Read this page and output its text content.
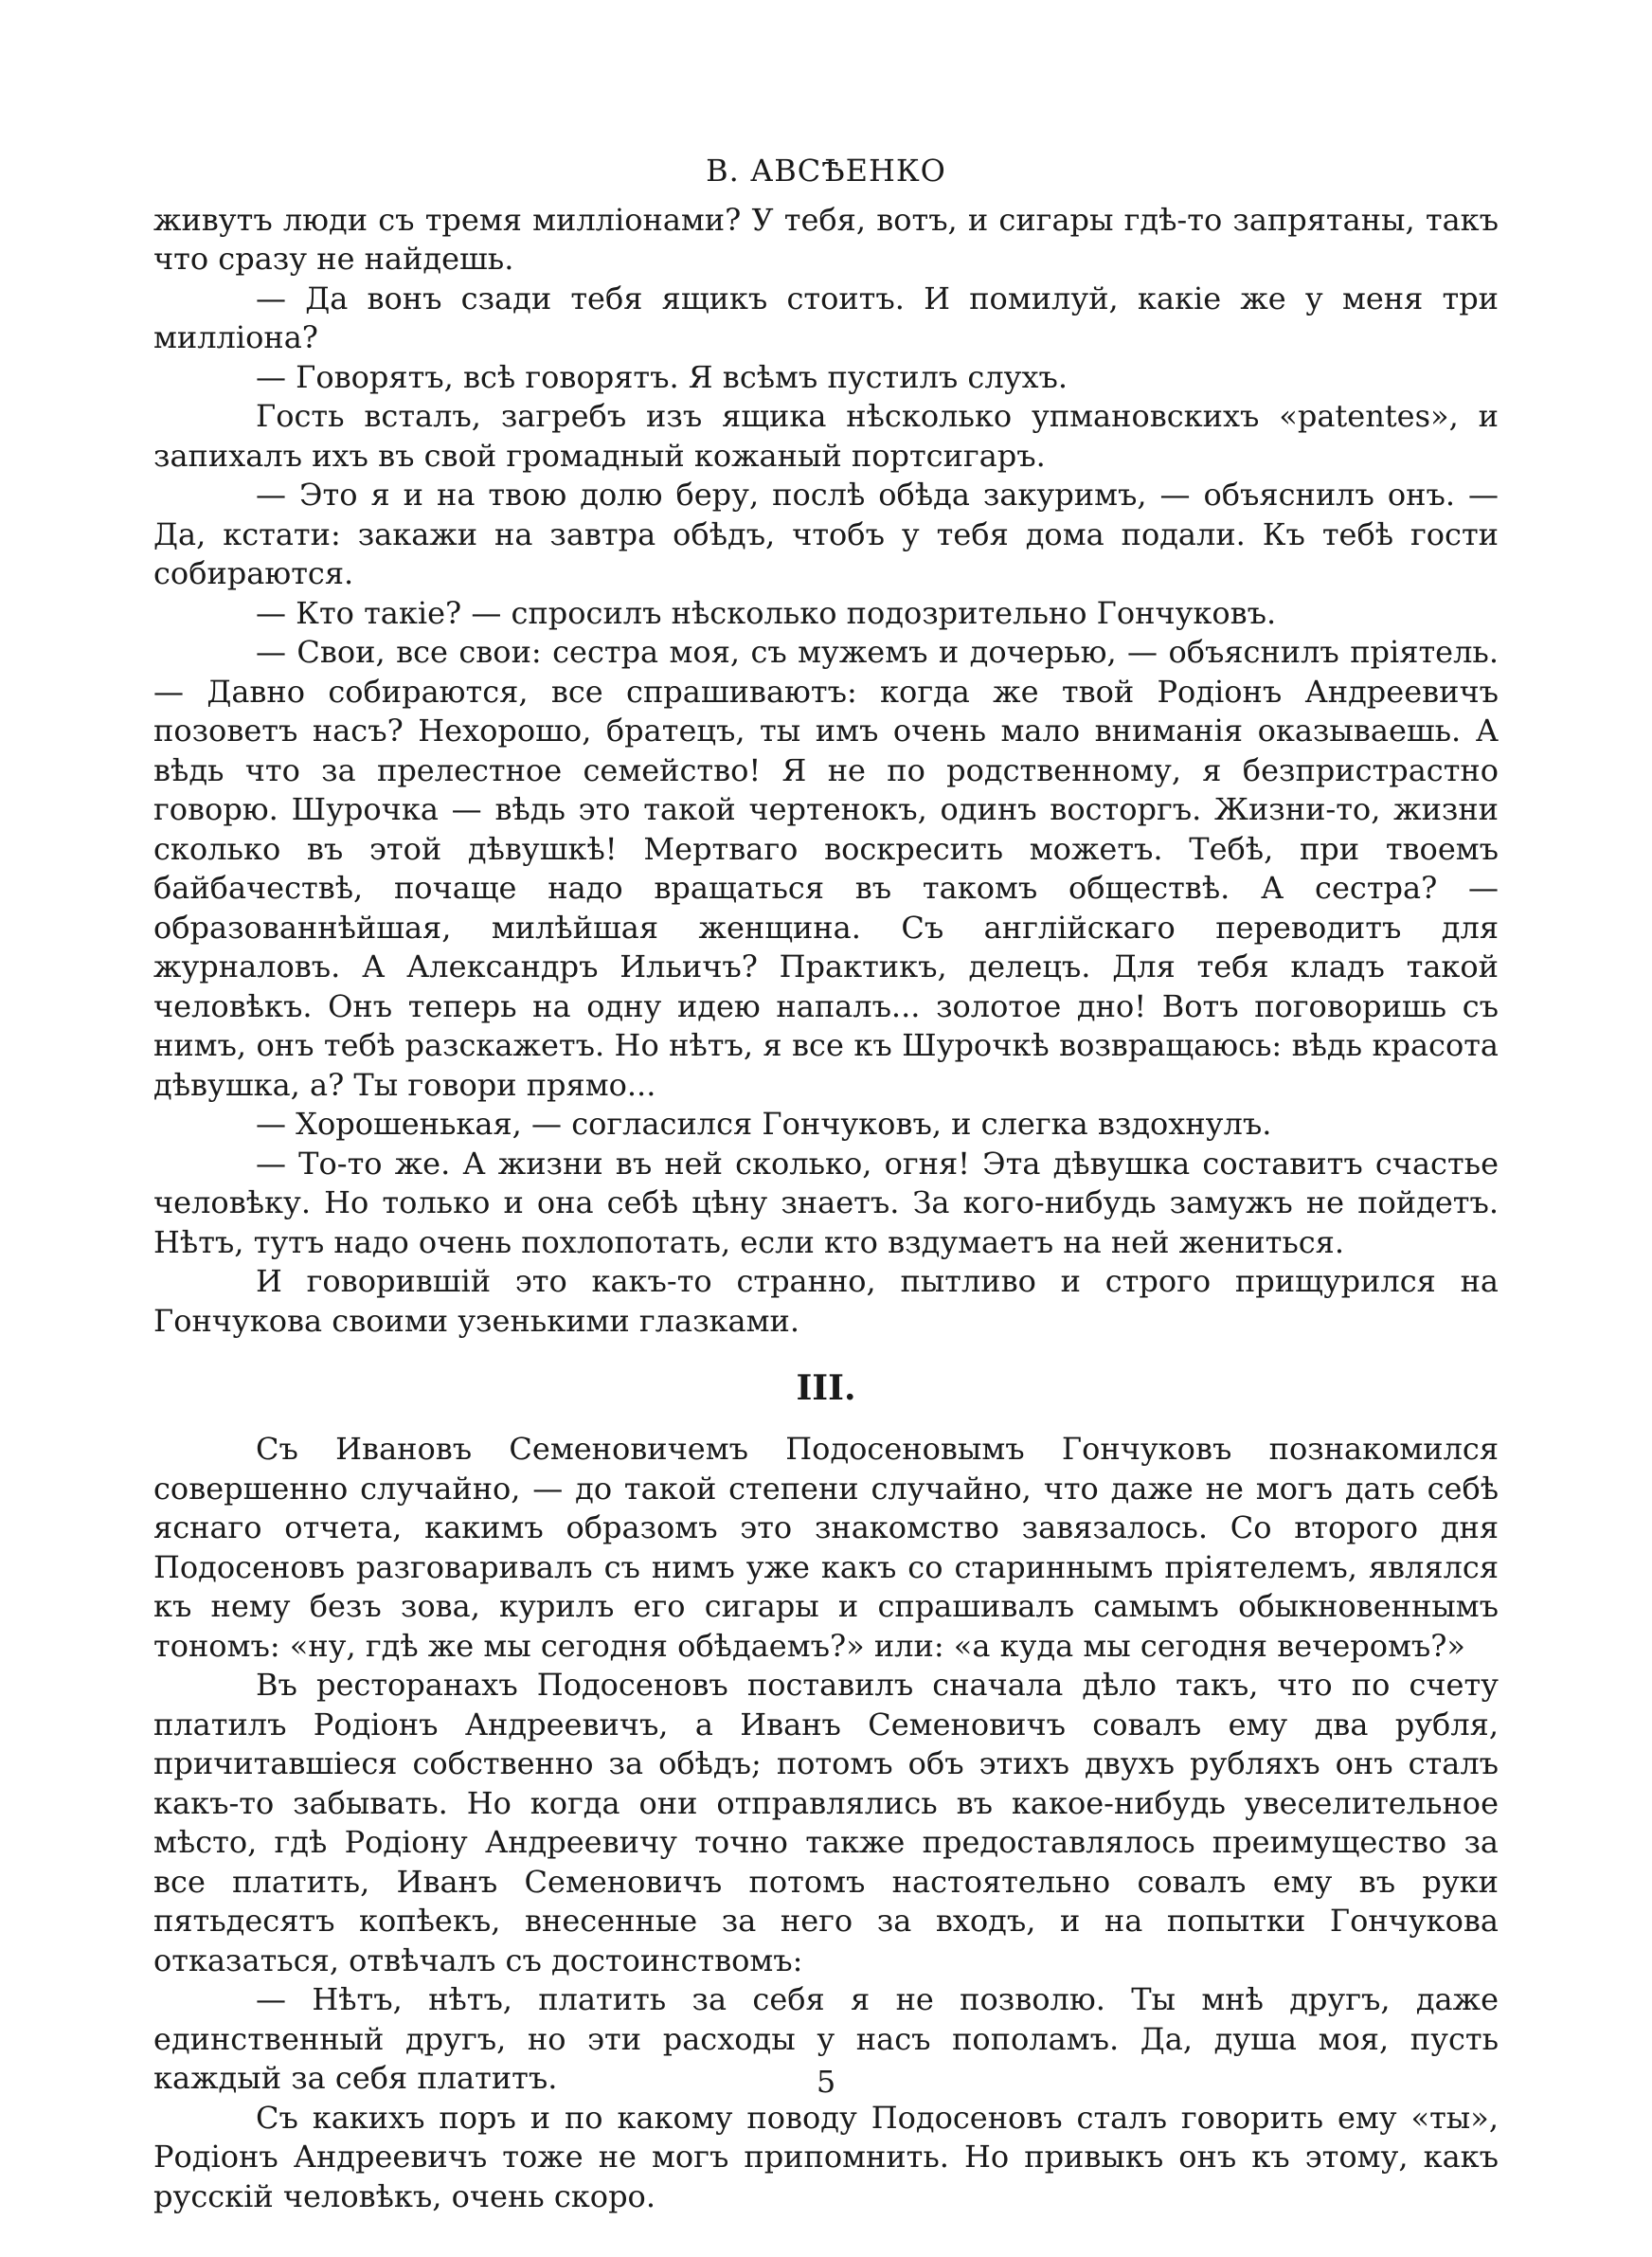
В. АВСѢЕНКО

живутъ люди съ тремя милліонами? У тебя, вотъ, и сигары гдѣ-то запрятаны, такъ что сразу не найдешь.

— Да вонъ сзади тебя ящикъ стоитъ. И помилуй, какіе же у меня три милліона?

— Говорятъ, всѣ говорятъ. Я всѣмъ пустилъ слухъ.

Гость всталъ, загребъ изъ ящика нѣсколько упмановскихъ «patentes», и запихалъ ихъ въ свой громадный кожаный портсигаръ.

— Это я и на твою долю беру, послѣ обѣда закуримъ, — объяснилъ онъ. — Да, кстати: закажи на завтра обѣдъ, чтобъ у тебя дома подали. Къ тебѣ гости собираются.

— Кто такіе? — спросилъ нѣсколько подозрительно Гончуковъ.

— Свои, все свои: сестра моя, съ мужемъ и дочерью, — объяснилъ пріятель. — Давно собираются, все спрашиваютъ: когда же твой Родіонъ Андреевичъ позоветъ насъ? Нехорошо, братецъ, ты имъ очень мало вниманія оказываешь. А вѣдь что за прелестное семейство! Я не по родственному, я безпристрастно говорю. Шурочка — вѣдь это такой чертенокъ, одинъ восторгъ. Жизни-то, жизни сколько въ этой дѣвушкѣ! Мертваго воскресить можетъ. Тебѣ, при твоемъ байбачествѣ, почаще надо вращаться въ такомъ обществѣ. А сестра? — образованнѣйшая, милѣйшая женщина. Съ англійскаго переводитъ для журналовъ. А Александръ Ильичъ? Практикъ, делецъ. Для тебя кладъ такой человѣкъ. Онъ теперь на одну идею напалъ... золотое дно! Вотъ поговоришь съ нимъ, онъ тебѣ разскажетъ. Но нѣтъ, я все къ Шурочкѣ возвращаюсь: вѣдь красота дѣвушка, а? Ты говори прямо...

— Хорошенькая, — согласился Гончуковъ, и слегка вздохнулъ.

— То-то же. А жизни въ ней сколько, огня! Эта дѣвушка составитъ счастье человѣку. Но только и она себѣ цѣну знаетъ. За кого-нибудь замужъ не пойдетъ. Нѣтъ, тутъ надо очень похлопотать, если кто вздумаетъ на ней жениться.

И говорившій это какъ-то странно, пытливо и строго прищурился на Гончукова своими узенькими глазками.

III.

Съ Ивановъ Семеновичемъ Подосеновымъ Гончуковъ познакомился совершенно случайно, — до такой степени случайно, что даже не могъ дать себѣ яснаго отчета, какимъ образомъ это знакомство завязалось. Со второго дня Подосеновъ разговаривалъ съ нимъ уже какъ со стариннымъ пріятелемъ, являлся къ нему безъ зова, курилъ его сигары и спрашивалъ самымъ обыкновеннымъ тономъ: «ну, гдѣ же мы сегодня обѣдаемъ?» или: «а куда мы сегодня вечеромъ?»

Въ ресторанахъ Подосеновъ поставилъ сначала дѣло такъ, что по счету платилъ Родіонъ Андреевичъ, а Иванъ Семеновичъ совалъ ему два рубля, причитавшіеся собственно за обѣдъ; потомъ объ этихъ двухъ рубляхъ онъ сталъ какъ-то забывать. Но когда они отправлялись въ какое-нибудь увеселительное мѣсто, гдѣ Родіону Андреевичу точно также предоставлялось преимущество за все платить, Иванъ Семеновичъ потомъ настоятельно совалъ ему въ руки пятьдесятъ копѣекъ, внесенные за него за входъ, и на попытки Гончукова отказаться, отвѣчалъ съ достоинствомъ:

— Нѣтъ, нѣтъ, платить за себя я не позволю. Ты мнѣ другъ, даже единственный другъ, но эти расходы у насъ пополамъ. Да, душа моя, пусть каждый за себя платитъ.

Съ какихъ поръ и по какому поводу Подосеновъ сталъ говорить ему «ты», Родіонъ Андреевичъ тоже не могъ припомнить. Но привыкъ онъ къ этому, какъ русскій человѣкъ, очень скоро.

5
